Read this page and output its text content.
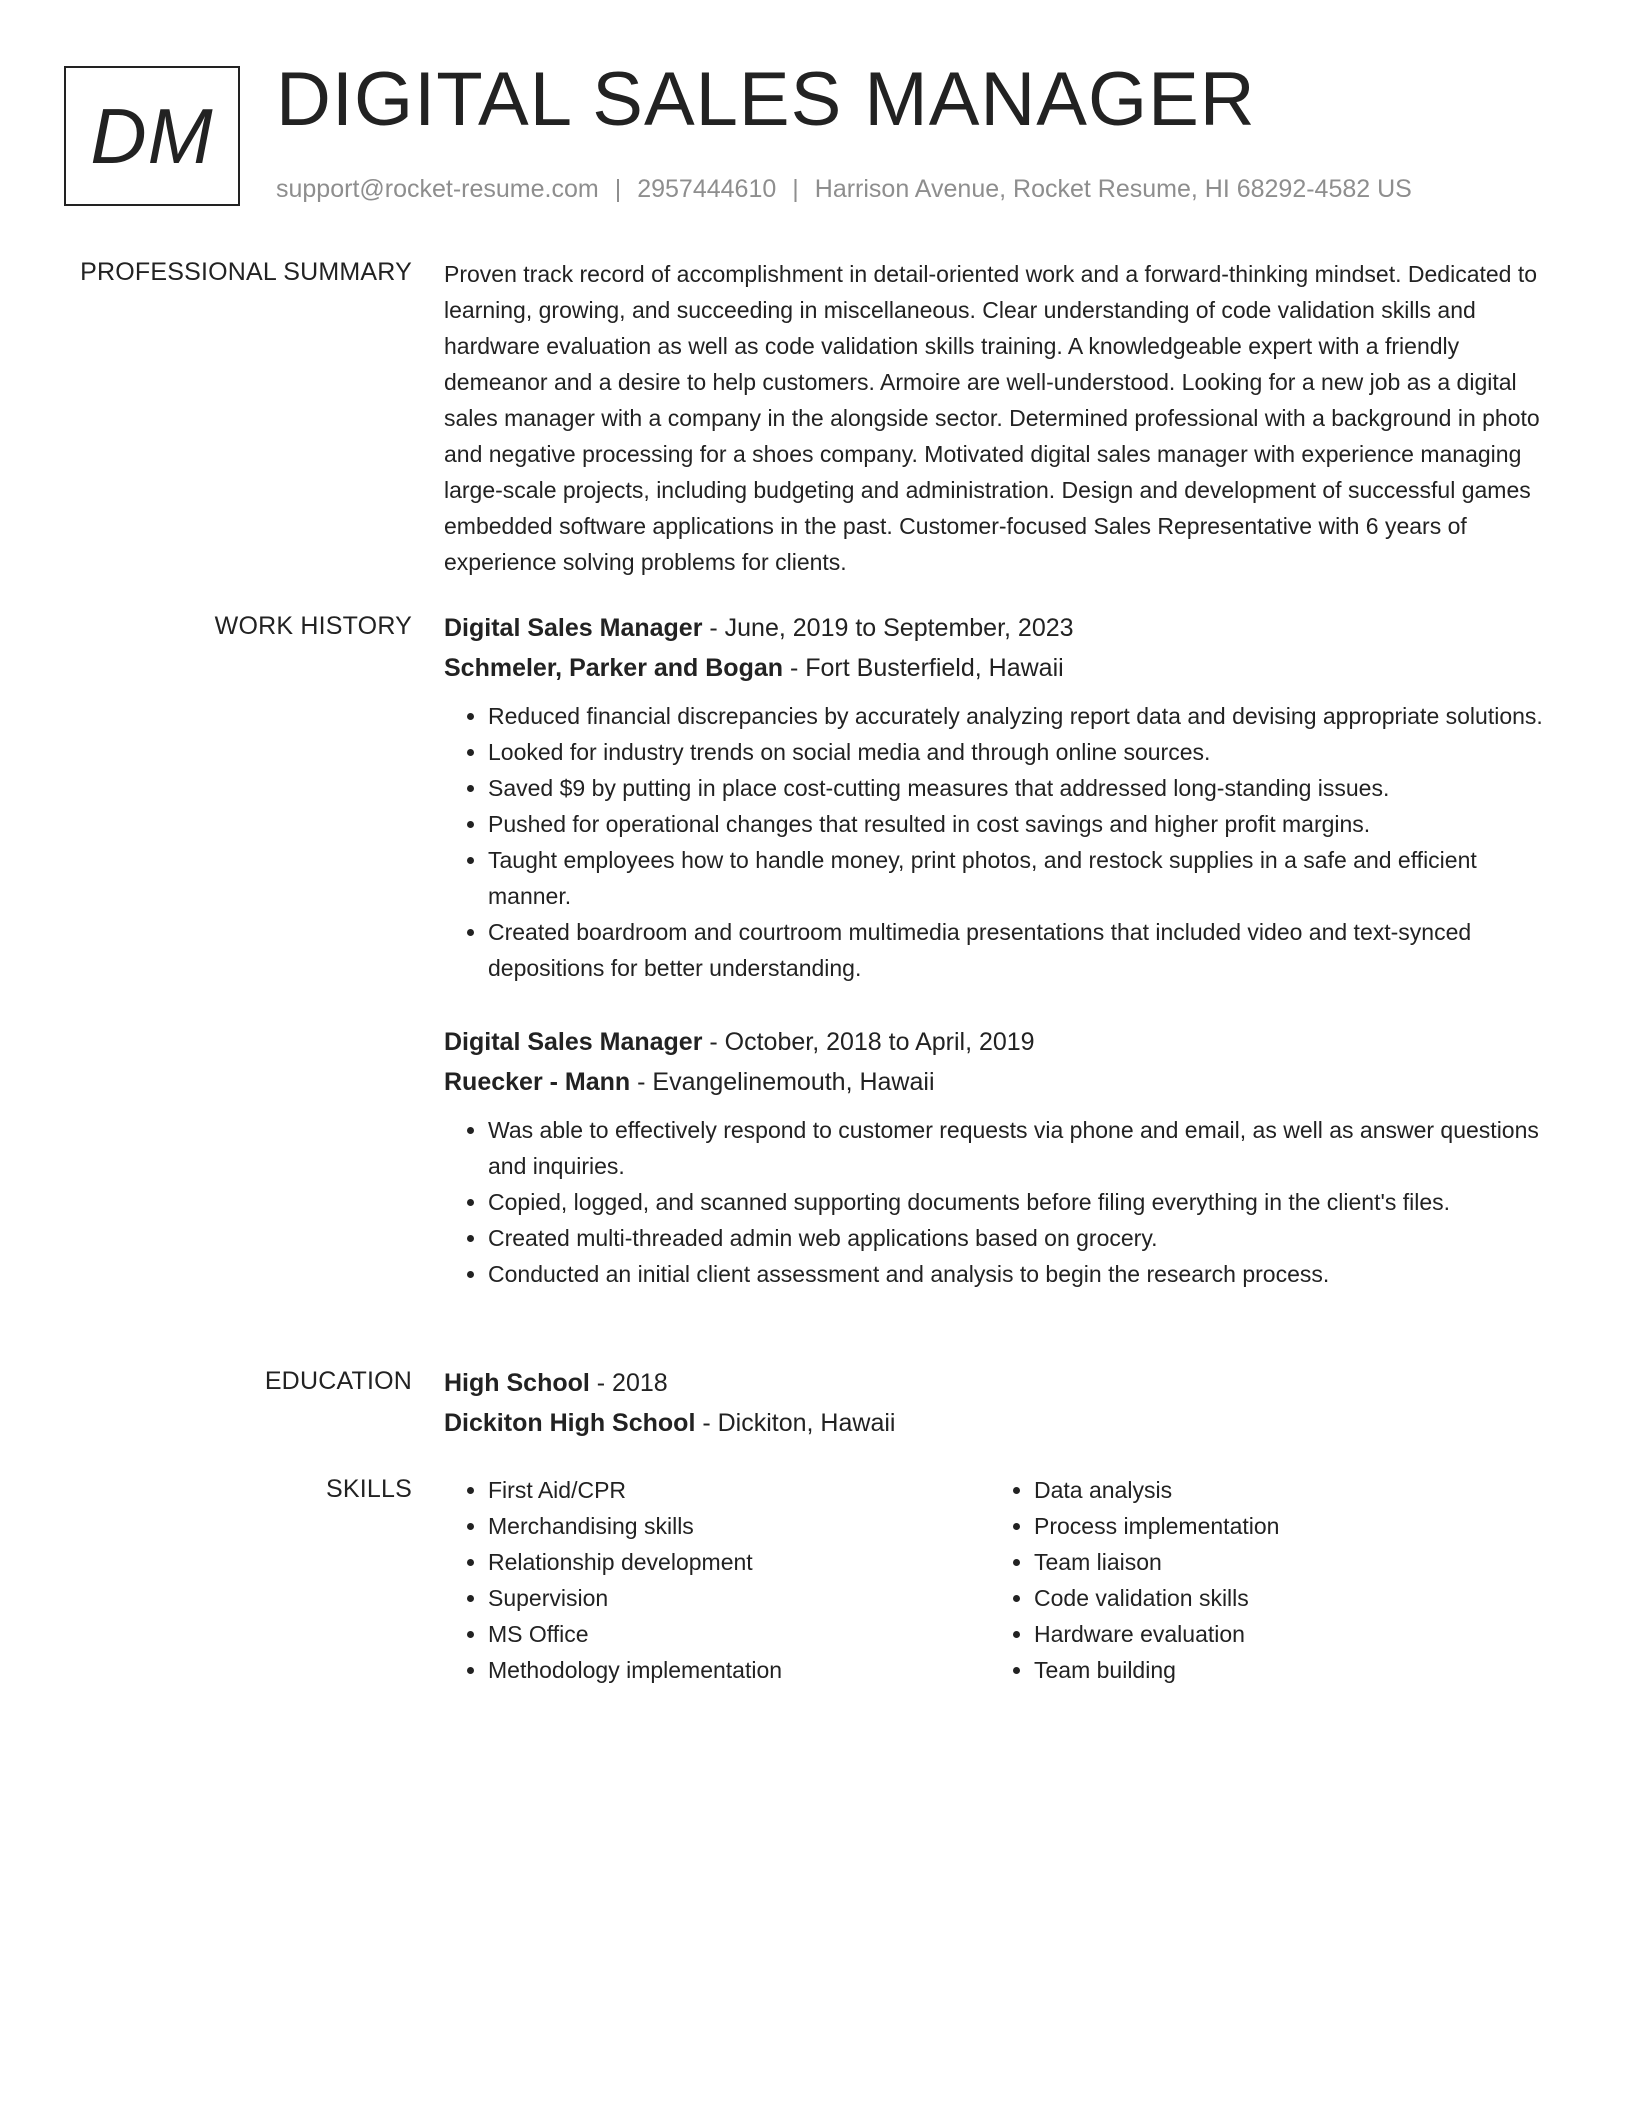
DM DIGITAL SALES MANAGER
support@rocket-resume.com | 2957444610 | Harrison Avenue, Rocket Resume, HI 68292-4582 US
PROFESSIONAL SUMMARY Proven track record of accomplishment in detail-oriented work and a forward-thinking mindset. Dedicated to learning, growing, and succeeding in miscellaneous. Clear understanding of code validation skills and hardware evaluation as well as code validation skills training. A knowledgeable expert with a friendly demeanor and a desire to help customers. Armoire are well-understood. Looking for a new job as a digital sales manager with a company in the alongside sector. Determined professional with a background in photo and negative processing for a shoes company. Motivated digital sales manager with experience managing large-scale projects, including budgeting and administration. Design and development of successful games embedded software applications in the past. Customer-focused Sales Representative with 6 years of experience solving problems for clients.

WORK HISTORY Digital Sales Manager - June, 2019 to September, 2023
Schmeler, Parker and Bogan - Fort Busterfield, Hawaii
• Reduced financial discrepancies by accurately analyzing report data and devising appropriate solutions.
• Looked for industry trends on social media and through online sources.
• Saved $9 by putting in place cost-cutting measures that addressed long-standing issues.
• Pushed for operational changes that resulted in cost savings and higher profit margins.
• Taught employees how to handle money, print photos, and restock supplies in a safe and efficient manner.
• Created boardroom and courtroom multimedia presentations that included video and text-synced depositions for better understanding.
Digital Sales Manager - October, 2018 to April, 2019
Ruecker - Mann - Evangelinemouth, Hawaii
• Was able to effectively respond to customer requests via phone and email, as well as answer questions and inquiries.
• Copied, logged, and scanned supporting documents before filing everything in the client's files.
• Created multi-threaded admin web applications based on grocery.
• Conducted an initial client assessment and analysis to begin the research process.
EDUCATION High School - 2018
Dickiton High School - Dickiton, Hawaii
SKILLS
•	First Aid/CPR
• Merchandising skills
• Relationship development
• Supervision
• MS Office
• Methodology implementation
• Data analysis
• Process implementation
• Team liaison
• Code validation skills
• Hardware evaluation
• Team building
